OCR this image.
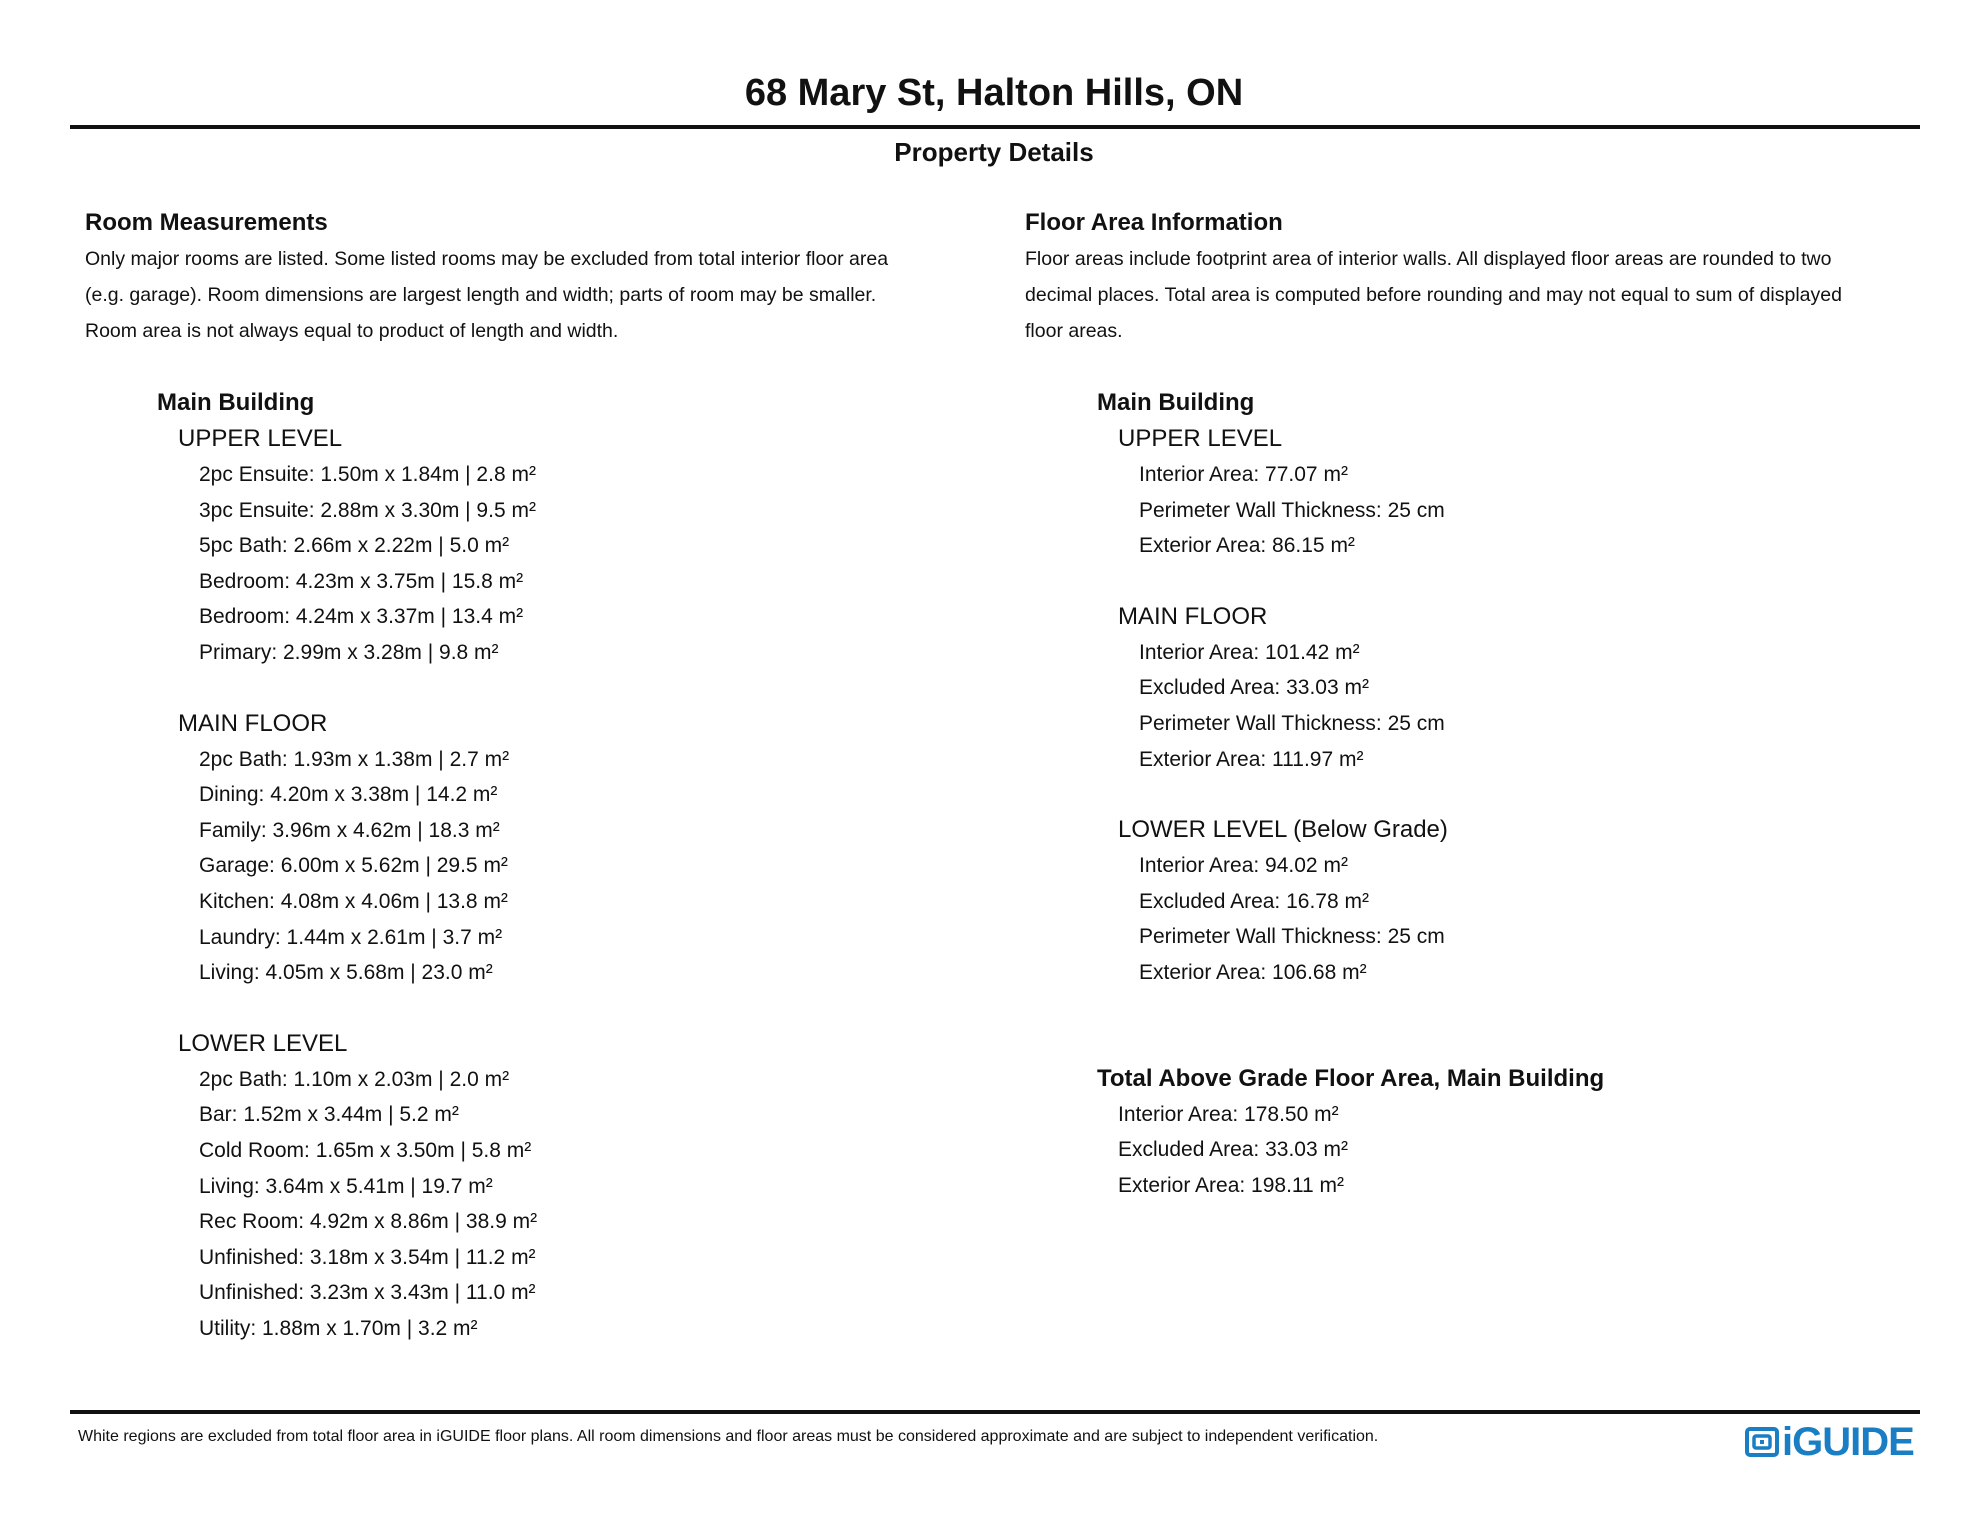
68 Mary St, Halton Hills, ON
Property Details
Room Measurements
Only major rooms are listed. Some listed rooms may be excluded from total interior floor area
(e.g. garage). Room dimensions are largest length and width; parts of room may be smaller.
Room area is not always equal to product of length and width.
Main Building
UPPER LEVEL
2pc Ensuite: 1.50m x 1.84m | 2.8 m²
3pc Ensuite: 2.88m x 3.30m | 9.5 m²
5pc Bath: 2.66m x 2.22m | 5.0 m²
Bedroom: 4.23m x 3.75m | 15.8 m²
Bedroom: 4.24m x 3.37m | 13.4 m²
Primary: 2.99m x 3.28m | 9.8 m²
MAIN FLOOR
2pc Bath: 1.93m x 1.38m | 2.7 m²
Dining: 4.20m x 3.38m | 14.2 m²
Family: 3.96m x 4.62m | 18.3 m²
Garage: 6.00m x 5.62m | 29.5 m²
Kitchen: 4.08m x 4.06m | 13.8 m²
Laundry: 1.44m x 2.61m | 3.7 m²
Living: 4.05m x 5.68m | 23.0 m²
LOWER LEVEL
2pc Bath: 1.10m x 2.03m | 2.0 m²
Bar: 1.52m x 3.44m | 5.2 m²
Cold Room: 1.65m x 3.50m | 5.8 m²
Living: 3.64m x 5.41m | 19.7 m²
Rec Room: 4.92m x 8.86m | 38.9 m²
Unfinished: 3.18m x 3.54m | 11.2 m²
Unfinished: 3.23m x 3.43m | 11.0 m²
Utility: 1.88m x 1.70m | 3.2 m²
Floor Area Information
Floor areas include footprint area of interior walls. All displayed floor areas are rounded to two
decimal places. Total area is computed before rounding and may not equal to sum of displayed
floor areas.
Main Building
UPPER LEVEL
Interior Area: 77.07 m²
Perimeter Wall Thickness: 25 cm
Exterior Area: 86.15 m²
MAIN FLOOR
Interior Area: 101.42 m²
Excluded Area: 33.03 m²
Perimeter Wall Thickness: 25 cm
Exterior Area: 111.97 m²
LOWER LEVEL (Below Grade)
Interior Area: 94.02 m²
Excluded Area: 16.78 m²
Perimeter Wall Thickness: 25 cm
Exterior Area: 106.68 m²
Total Above Grade Floor Area, Main Building
Interior Area: 178.50 m²
Excluded Area: 33.03 m²
Exterior Area: 198.11 m²
White regions are excluded from total floor area in iGUIDE floor plans. All room dimensions and floor areas must be considered approximate and are subject to independent verification.	iGUIDE
